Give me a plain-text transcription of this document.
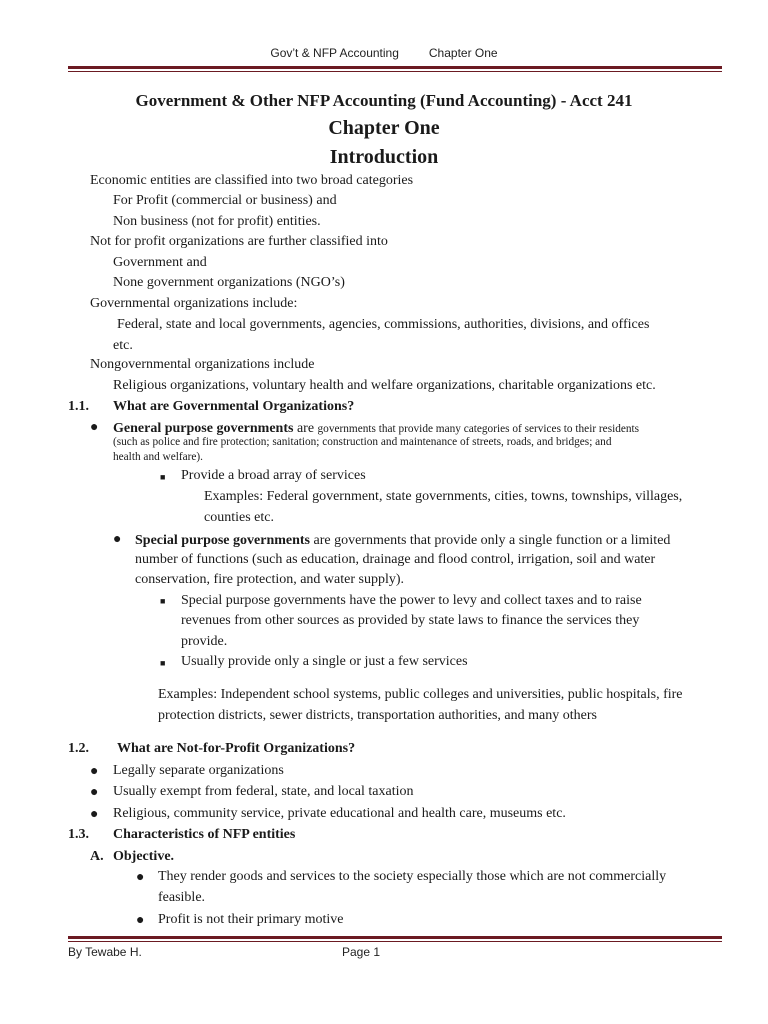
Gov’t & NFP Accounting	Chapter One
Government & Other NFP Accounting (Fund Accounting) - Acct 241
Chapter One
Introduction
Economic entities are classified into two broad categories
For Profit (commercial or business) and
Non business (not for profit) entities.
Not for profit organizations are further classified into
Government and
None government organizations (NGO’s)
Governmental organizations include:
Federal, state and local governments, agencies, commissions, authorities, divisions, and offices
etc.
Nongovernmental organizations include
Religious organizations, voluntary health and welfare organizations, charitable organizations etc.
1.1. What are Governmental Organizations?
● General purpose governments are governments that provide many categories of services to their residents
(such as police and fire protection; sanitation; construction and maintenance of streets, roads, and bridges; and
health and welfare).
■ Provide a broad array of services
Examples: Federal government, state governments, cities, towns, townships, villages,
counties etc.
● Special purpose governments are governments that provide only a single function or a limited
number of functions (such as education, drainage and flood control, irrigation, soil and water
conservation, fire protection, and water supply).
■ Special purpose governments have the power to levy and collect taxes and to raise
revenues from other sources as provided by state laws to finance the services they
provide.
■ Usually provide only a single or just a few services
Examples: Independent school systems, public colleges and universities, public hospitals, fire
protection districts, sewer districts, transportation authorities, and many others
1.2. What are Not-for-Profit Organizations?
● Legally separate organizations
● Usually exempt from federal, state, and local taxation
● Religious, community service, private educational and health care, museums etc.
1.3. Characteristics of NFP entities
A. Objective.
● They render goods and services to the society especially those which are not commercially
feasible.
● Profit is not their primary motive
By Tewabe H.	Page 1
